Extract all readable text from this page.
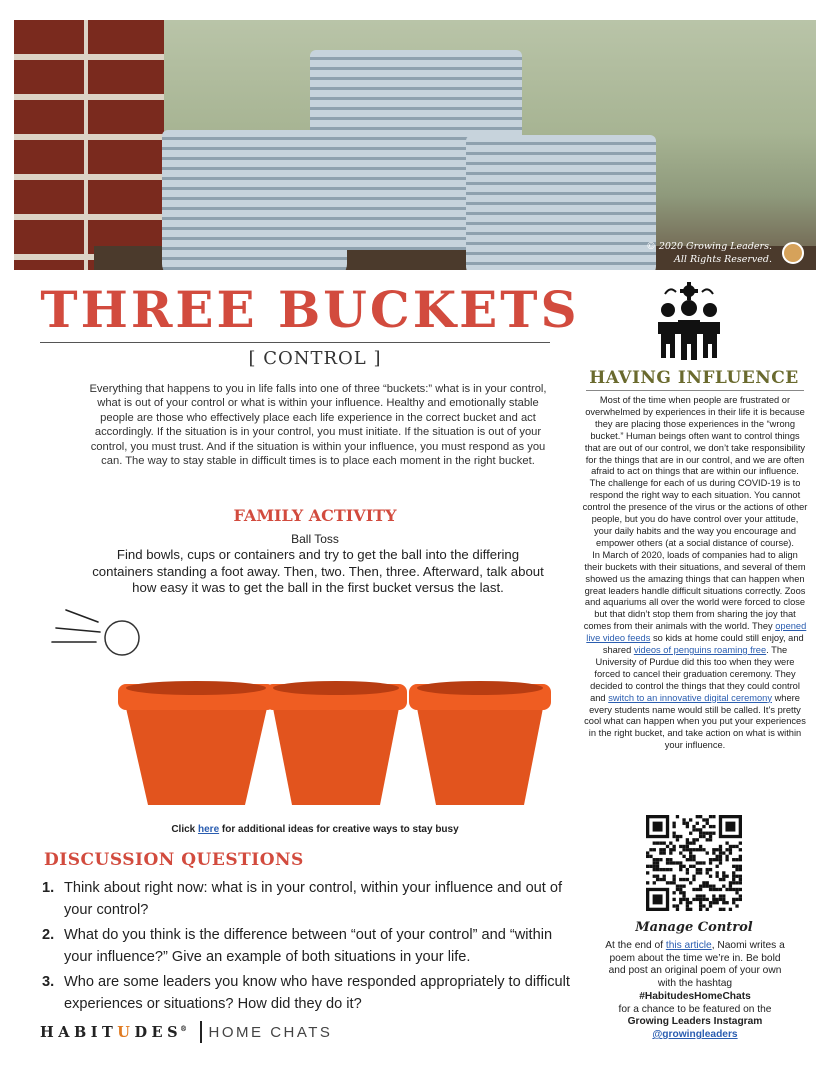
© 2020 Growing Leaders.
All Rights Reserved.
THREE BUCKETS
[ CONTROL ]

Everything that happens to you in life falls into one of three “buckets:” what is in your control, what is out of your control or what is within your influence. Healthy and emotionally stable people are those who effectively place each life experience in the correct bucket and act accordingly. If the situation is in your control, you must initiate. If the situation is out of your control, you must trust. And if the situation is within your influence, you must respond as you can. The way to stay stable in difficult times is to place each moment in the right bucket.

FAMILY ACTIVITY
Ball Toss

Find bowls, cups or containers and try to get the ball into the differing containers standing a foot away. Then, two. Then, three. Afterward, talk about how easy it was to get the ball in the first bucket versus the last.

Click here for additional ideas for creative ways to stay busy
DISCUSSION QUESTIONS
1. Think about right now: what is in your control, within your influence and out of your control?
2. What do you think is the difference between “out of your control” and “within your influence?” Give an example of both situations in your life.
3. Who are some leaders you know who have responded appropriately to difficult experiences or situations? How did they do it?
HABITUDES® HOME CHATS
HAVING INFLUENCE

Most of the time when people are frustrated or overwhelmed by experiences in their life it is because they are placing those experiences in the “wrong bucket.” Human beings often want to control things that are out of our control, we don’t take responsibility for the things that are in our control, and we are often afraid to act on things that are within our influence. The challenge for each of us during COVID-19 is to respond the right way to each situation. You cannot control the presence of the virus or the actions of other people, but you do have control over your attitude, your daily habits and the way you encourage and empower others (at a social distance of course).

In March of 2020, loads of companies had to align their buckets with their situations, and several of them showed us the amazing things that can happen when great leaders handle difficult situations correctly. Zoos and aquariums all over the world were forced to close but that didn’t stop them from sharing the joy that comes from their animals with the world. They opened live video feeds so kids at home could still enjoy, and shared videos of penguins roaming free. The University of Purdue did this too when they were forced to cancel their graduation ceremony. They decided to control the things that they could control and switch to an innovative digital ceremony where every students name would still be called. It’s pretty cool what can happen when you put your experiences in the right bucket, and take action on what is within your influence.

Manage Control
At the end of this article, Naomi writes a poem about the time we’re in. Be bold and post an original poem of your own with the hashtag
#HabitudesHomeChats
for a chance to be featured on the
Growing Leaders Instagram
@growingleaders
